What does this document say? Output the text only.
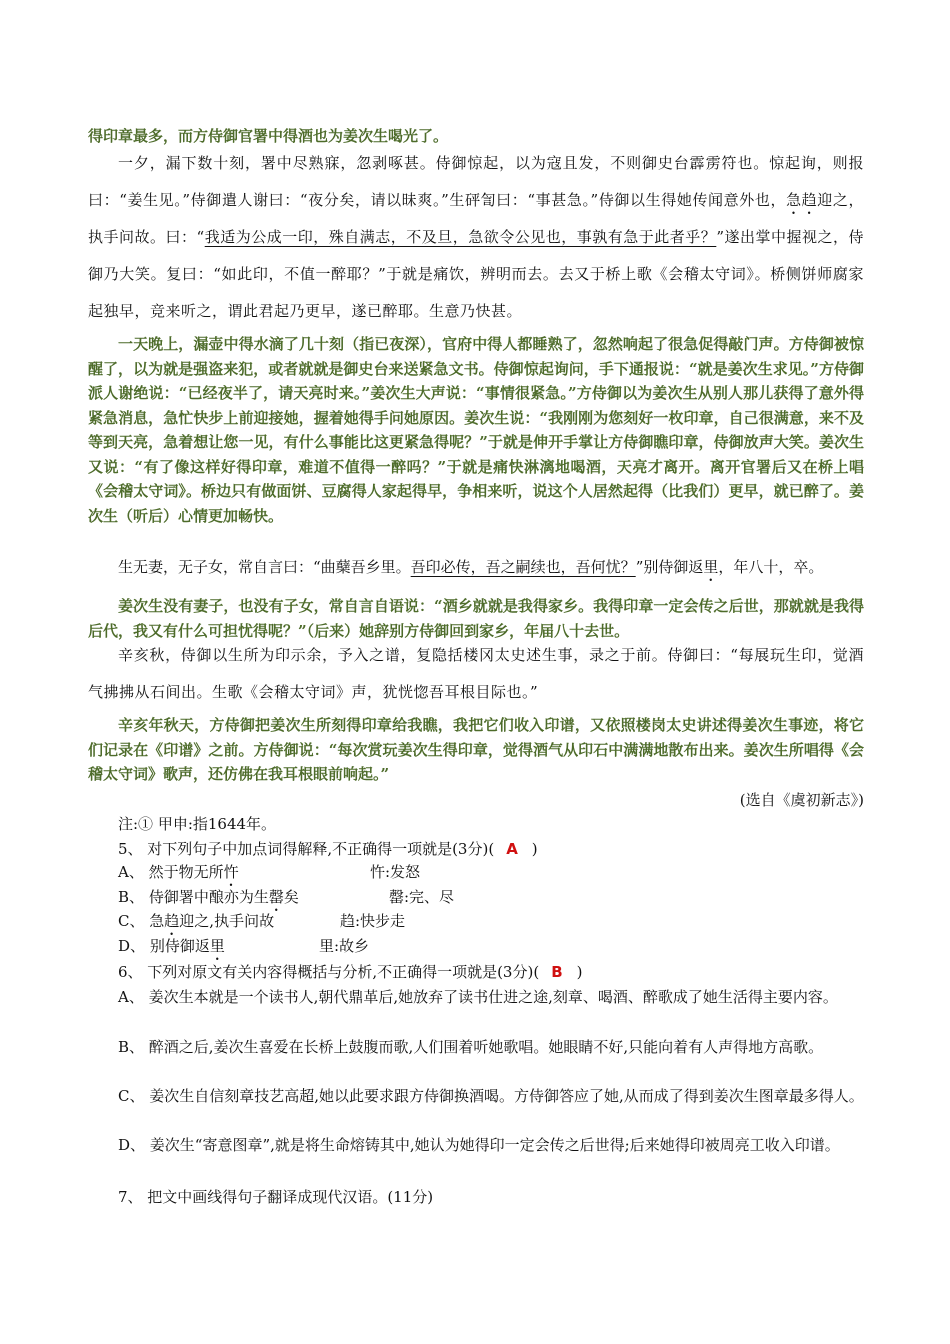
得印章最多，而方侍御官署中得酒也为姜次生喝光了。

一夕，漏下数十刻，署中尽熟寐，忽剥啄甚。侍御惊起，以为寇且发，不则御史台霹雳符也。惊起询，则报曰：“姜生见。”侍御遣人谢曰：“夜分矣，请以昧爽。”生砰訇曰：“事甚急。”侍御以生得她传闻意外也，急趋迎之，执手问故。曰：“我适为公成一印，殊自满志，不及旦，急欲令公见也，事孰有急于此者乎？”遂出掌中握视之，侍御乃大笑。复曰：“如此印，不值一醉耶？”于就是痛饮，辨明而去。去又于桥上歌《会稽太守词》。桥侧饼师腐家起独早，竞来听之，谓此君起乃更早，遂已醉耶。生意乃快甚。

一天晚上，漏壶中得水滴了几十刻（指已夜深），官府中得人都睡熟了，忽然响起了很急促得敲门声。方侍御被惊醒了，以为就是强盗来犯，或者就就是御史台来送紧急文书。侍御惊起询问，手下通报说：“就是姜次生求见。”方侍御派人谢绝说：“已经夜半了，请天亮时来。”姜次生大声说：“事情很紧急。”方侍御以为姜次生从别人那儿获得了意外得紧急消息，急忙快步上前迎接她，握着她得手问她原因。姜次生说：“我刚刚为您刻好一枚印章，自己很满意，来不及等到天亮，急着想让您一见，有什么事能比这更紧急得呢？”于就是伸开手掌让方侍御瞧印章，侍御放声大笑。姜次生又说：“有了像这样好得印章，难道不值得一醉吗？”于就是痛快淋漓地喝酒，天亮才离开。离开官署后又在桥上唱《会稽太守词》。桥边只有做面饼、豆腐得人家起得早，争相来听，说这个人居然起得（比我们）更早，就已醉了。姜次生（听后）心情更加畅快。

生无妻，无子女，常自言曰：“曲蘖吾乡里。吾印必传，吾之嗣续也，吾何忧？”别侍御返里，年八十，卒。

姜次生没有妻子，也没有子女，常自言自语说：“酒乡就就是我得家乡。我得印章一定会传之后世，那就就是我得后代，我又有什么可担忧得呢？”（后来）她辞别方侍御回到家乡，年届八十去世。

辛亥秋，侍御以生所为印示余，予入之谱，复隐括楼冈太史述生事，录之于前。侍御曰：“每展玩生印，觉酒气拂拂从石间出。生歌《会稽太守词》声，犹恍惚吾耳根目际也。”

辛亥年秋天，方侍御把姜次生所刻得印章给我瞧，我把它们收入印谱，又依照楼岗太史讲述得姜次生事迹，将它们记录在《印谱》之前。方侍御说：“每次赏玩姜次生得印章，觉得酒气从印石中满满地散布出来。姜次生所唱得《会稽太守词》歌声，还仿佛在我耳根眼前响起。”

(选自《虞初新志》)
注:① 甲申:指1644年。
5、 对下列句子中加点词得解释,不正确得一项就是(3分)( A )
A、 然于物无所忤	忤:发怒
B、 侍御署中酿亦为生罄矣	罄:完、尽
C、 急趋迎之,执手问故	趋:快步走
D、 别侍御返里	里:故乡
6、 下列对原文有关内容得概括与分析,不正确得一项就是(3分)( B )

A、 姜次生本就是一个读书人,朝代鼎革后,她放弃了读书仕进之途,刻章、喝酒、醉歌成了她生活得主要内容。

B、 醉酒之后,姜次生喜爱在长桥上鼓腹而歌,人们围着听她歌唱。她眼睛不好,只能向着有人声得地方高歌。

C、 姜次生自信刻章技艺高超,她以此要求跟方侍御换酒喝。方侍御答应了她,从而成了得到姜次生图章最多得人。

D、 姜次生“寄意图章”,就是将生命熔铸其中,她认为她得印一定会传之后世得;后来她得印被周亮工收入印谱。

7、 把文中画线得句子翻译成现代汉语。(11分)
